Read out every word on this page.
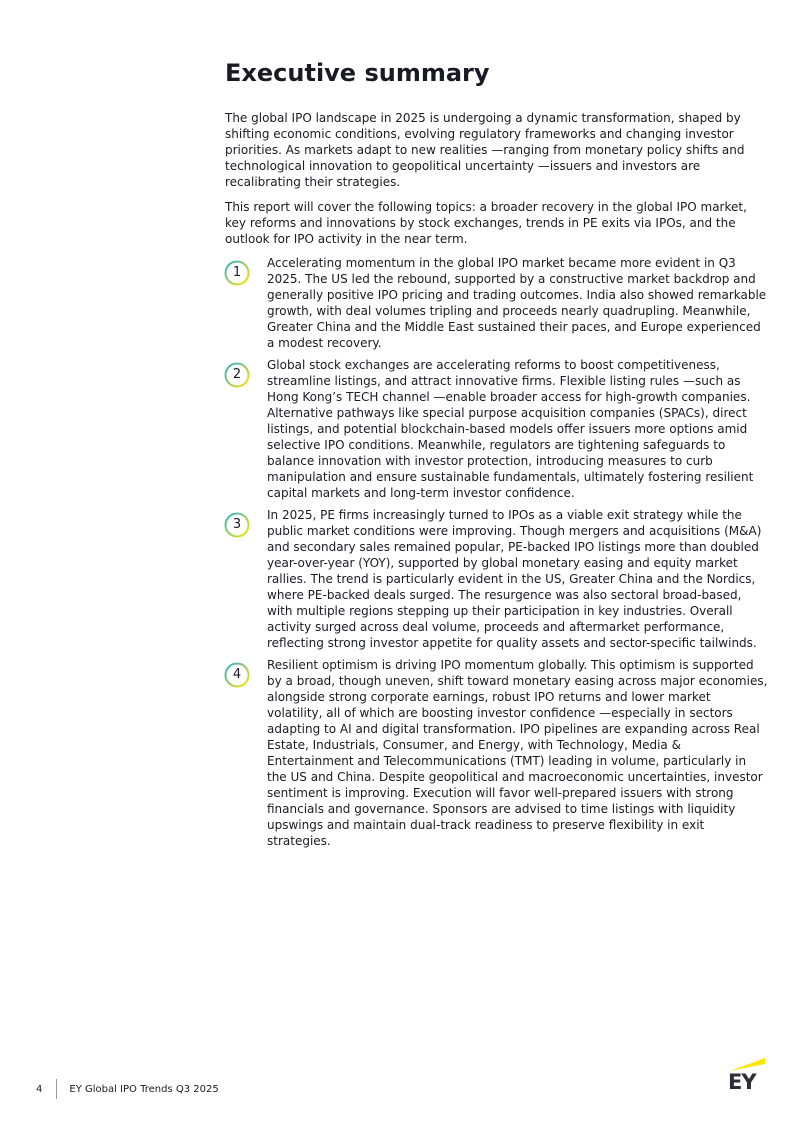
Executive summary

The global IPO landscape in 2025 is undergoing a dynamic transformation, shaped by shifting economic conditions, evolving regulatory frameworks and changing investor priorities. As markets adapt to new realities —ranging from monetary policy shifts and technological innovation to geopolitical uncertainty —issuers and investors are recalibrating their strategies.

This report will cover the following topics: a broader recovery in the global IPO market, key reforms and innovations by stock exchanges, trends in PE exits via IPOs, and the outlook for IPO activity in the near term.

1

Accelerating momentum in the global IPO market became more evident in Q3 2025. The US led the rebound, supported by a constructive market backdrop and generally positive IPO pricing and trading outcomes. India also showed remarkable growth, with deal volumes tripling and proceeds nearly quadrupling. Meanwhile, Greater China and the Middle East sustained their paces, and Europe experienced a modest recovery.

2

Global stock exchanges are accelerating reforms to boost competitiveness, streamline listings, and attract innovative firms. Flexible listing rules —such as Hong Kong’s TECH channel —enable broader access for high-growth companies. Alternative pathways like special purpose acquisition companies (SPACs), direct listings, and potential blockchain-based models offer issuers more options amid selective IPO conditions. Meanwhile, regulators are tightening safeguards to balance innovation with investor protection, introducing measures to curb manipulation and ensure sustainable fundamentals, ultimately fostering resilient capital markets and long-term investor confidence.

3

In 2025, PE firms increasingly turned to IPOs as a viable exit strategy while the public market conditions were improving. Though mergers and acquisitions (M&A) and secondary sales remained popular, PE-backed IPO listings more than doubled year-over-year (YOY), supported by global monetary easing and equity market rallies. The trend is particularly evident in the US, Greater China and the Nordics, where PE-backed deals surged. The resurgence was also sectoral broad-based, with multiple regions stepping up their participation in key industries. Overall activity surged across deal volume, proceeds and aftermarket performance, reflecting strong investor appetite for quality assets and sector-specific tailwinds.

4

Resilient optimism is driving IPO momentum globally. This optimism is supported by a broad, though uneven, shift toward monetary easing across major economies, alongside strong corporate earnings, robust IPO returns and lower market volatility, all of which are boosting investor confidence —especially in sectors adapting to AI and digital transformation. IPO pipelines are expanding across Real Estate, Industrials, Consumer, and Energy, with Technology, Media & Entertainment and Telecommunications (TMT) leading in volume, particularly in the US and China. Despite geopolitical and macroeconomic uncertainties, investor sentiment is improving. Execution will favor well-prepared issuers with strong financials and governance. Sponsors are advised to time listings with liquidity upswings and maintain dual-track readiness to preserve flexibility in exit strategies.

4	EY Global IPO Trends Q3 2025	EY
